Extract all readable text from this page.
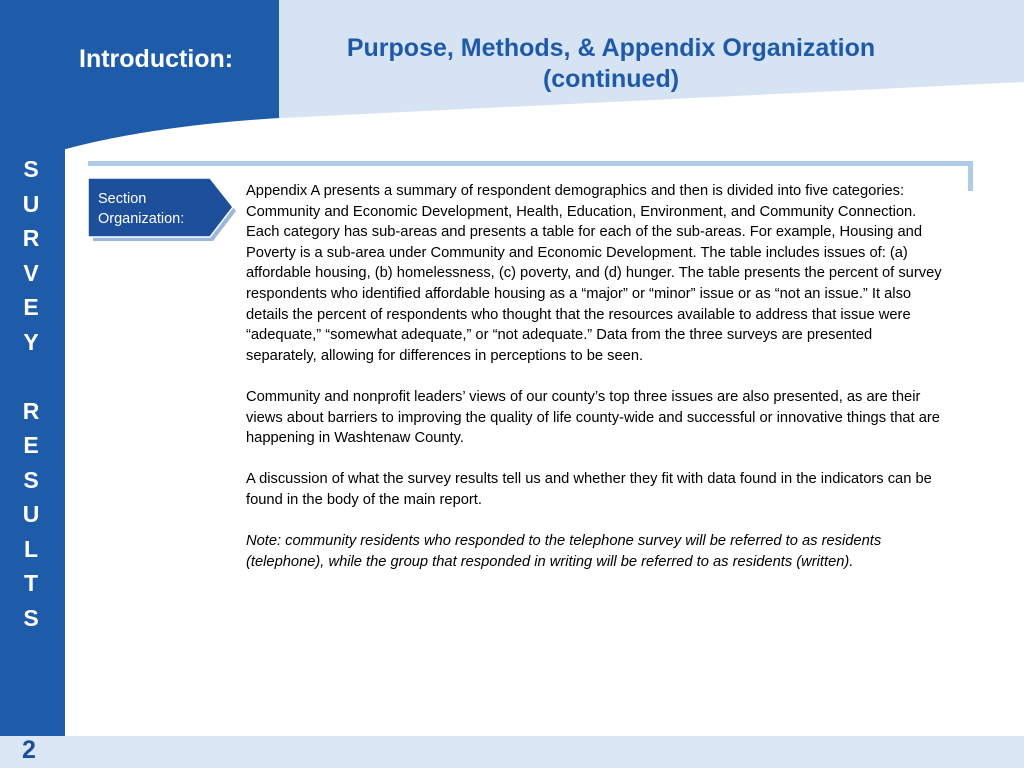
Introduction:	Purpose, Methods, & Appendix Organization (continued)
S
U
R
V
E
Y
R
E
S
U
L
T
S
Section Organization:

Appendix A presents a summary of respondent demographics and then is divided into five categories: Community and Economic Development, Health, Education, Environment, and Community Connection. Each category has sub-areas and presents a table for each of the sub-areas. For example, Housing and Poverty is a sub-area under Community and Economic Development. The table includes issues of: (a) affordable housing, (b) homelessness, (c) poverty, and (d) hunger. The table presents the percent of survey respondents who identified affordable housing as a “major” or “minor” issue or as “not an issue.” It also details the percent of respondents who thought that the resources available to address that issue were “adequate,” “somewhat adequate,” or “not adequate.” Data from the three surveys are presented separately, allowing for differences in perceptions to be seen.

Community and nonprofit leaders’ views of our county’s top three issues are also presented, as are their views about barriers to improving the quality of life county-wide and successful or innovative things that are happening in Washtenaw County.

A discussion of what the survey results tell us and whether they fit with data found in the indicators can be found in the body of the main report.

Note: community residents who responded to the telephone survey will be referred to as residents (telephone), while the group that responded in writing will be referred to as residents (written).

2
